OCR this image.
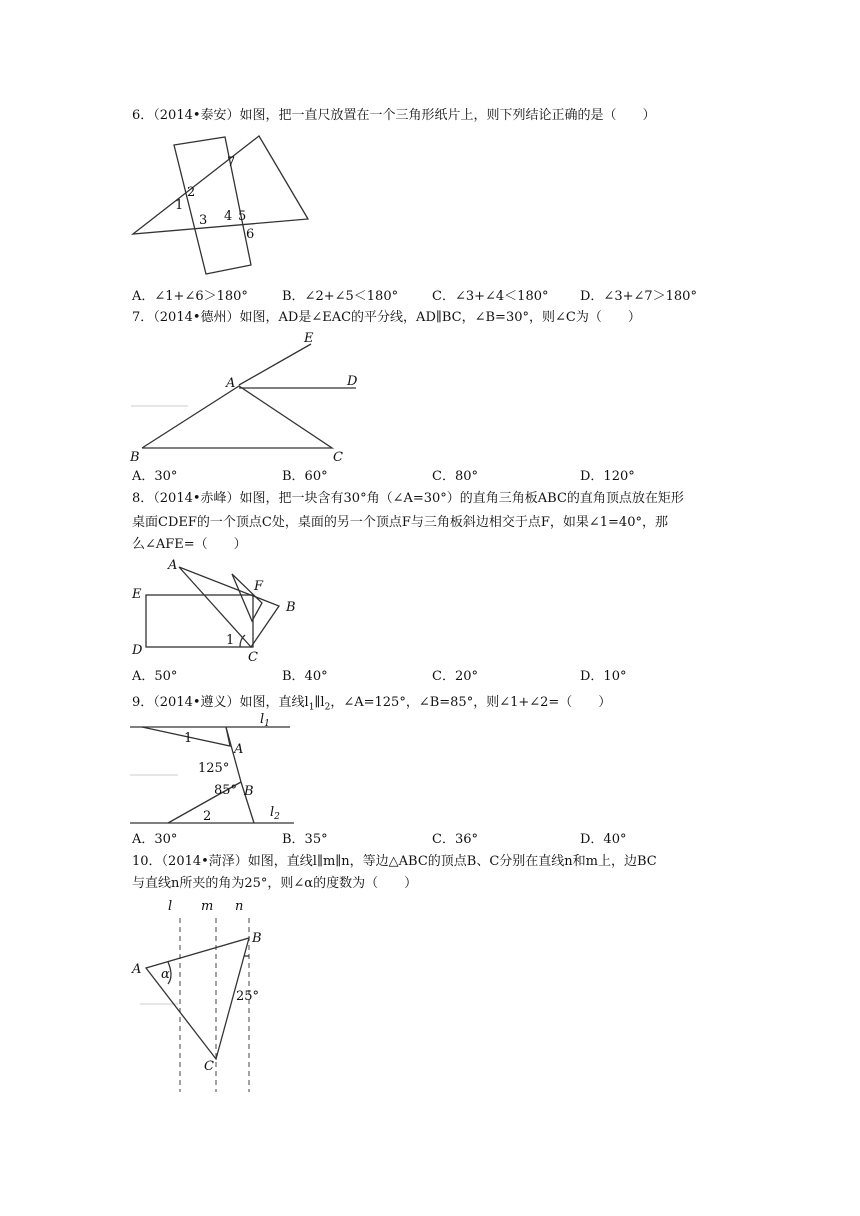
6．（2014•泰安）如图，把一直尺放置在一个三角形纸片上，则下列结论正确的是（　　）
7
2
1
3 4 5
6
A．∠1+∠6＞180°	B．∠2+∠5＜180°	C．∠3+∠4＜180° D．∠3+∠7＞180°
7．（2014•德州）如图，AD是∠EAC的平分线，AD∥BC，∠B=30°，则∠C为（　　）
E
A	D
B	C
A．30°	B．60°	C．80°	D．120°
8．（2014•赤峰）如图，把一块含有30°角（∠A=30°）的直角三角板ABC的直角顶点放在矩形
桌面CDEF的一个顶点C处，桌面的另一个顶点F与三角板斜边相交于点F，如果∠1=40°，那
么∠AFE=（　　）
A
F
E
B
D
1
C
A．50°	B．40°	C．20°	D．10°
9．（2014•遵义）如图，直线$l_1\parallel l_2$，∠A=125°，∠B=85°，则∠1+∠2=（　　）
$l_1$
1
A
125°
85° B
2	$l_2$
A．30°	B．35°	C．36°	D．40°
10．（2014•菏泽）如图，直线l∥m∥n，等边△ABC的顶点B、C分别在直线n和m上，边BC
与直线n所夹的角为25°，则∠α的度数为（　　）
l m n
B
A α
25°
C
